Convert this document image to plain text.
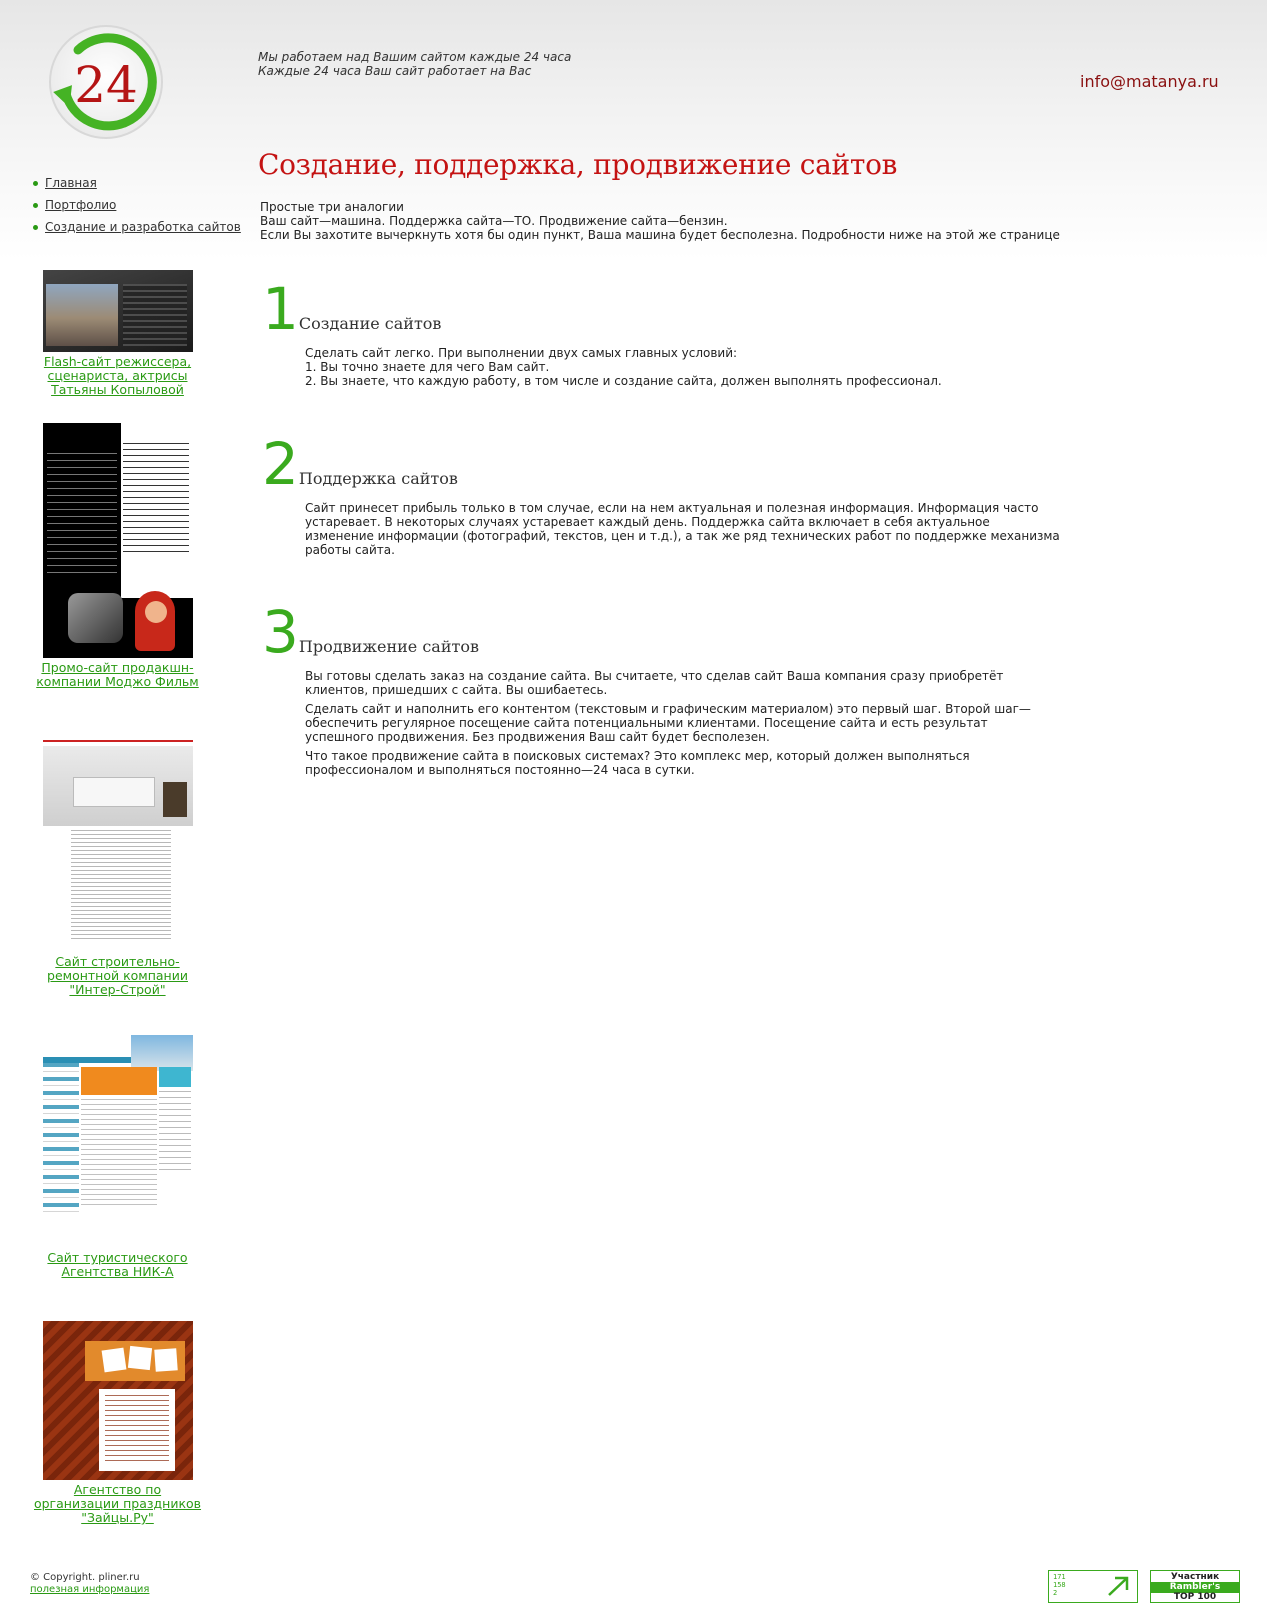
24	Мы работаем над Вашим сайтом каждые 24 часа
Каждые 24 часа Ваш сайт работает на Вас
info@matanya.ru
Главная
Портфолио
Создание и разработка сайтов
Flash-сайт режиссера, сценариста, актрисы Татьяны Копыловой
Промо-сайт продакшн-компании Моджо Фильм
Сайт строительно-ремонтной компании "Интер-Строй"
Сайт туристического Агентства НИК-А
Агентство по организации праздников "Зайцы.Ру"
Создание, поддержка, продвижение сайтов
Простые три аналогии
Ваш сайт—машина. Поддержка сайта—ТО. Продвижение сайта—бензин.
Если Вы захотите вычеркнуть хотя бы один пункт, Ваша машина будет бесполезна. Подробности ниже на этой же странице
1Создание сайтов
Сделать сайт легко. При выполнении двух самых главных условий:
1. Вы точно знаете для чего Вам сайт.
2. Вы знаете, что каждую работу, в том числе и создание сайта, должен выполнять профессионал.
2Поддержка сайтов

Сайт принесет прибыль только в том случае, если на нем актуальная и полезная информация. Информация часто устаревает. В некоторых случаях устаревает каждый день. Поддержка сайта включает в себя актуальное изменение информации (фотографий, текстов, цен и т.д.), а так же ряд технических работ по поддержке механизма работы сайта.

3Продвижение сайтов

Вы готовы сделать заказ на создание сайта. Вы считаете, что сделав сайт Ваша компания сразу приобретёт клиентов, пришедших с сайта. Вы ошибаетесь.

Сделать сайт и наполнить его контентом (текстовым и графическим материалом) это первый шаг. Второй шаг—обеспечить регулярное посещение сайта потенциальными клиентами. Посещение сайта и есть результат успешного продвижения. Без продвижения Ваш сайт будет бесполезен.

Что такое продвижение сайта в поисковых системах? Это комплекс мер, который должен выполняться профессионалом и выполняться постоянно—24 часа в сутки.

© Copyright. pliner.ru
полезная информация
171
158
2
Участник
Rambler's
TOP 100
